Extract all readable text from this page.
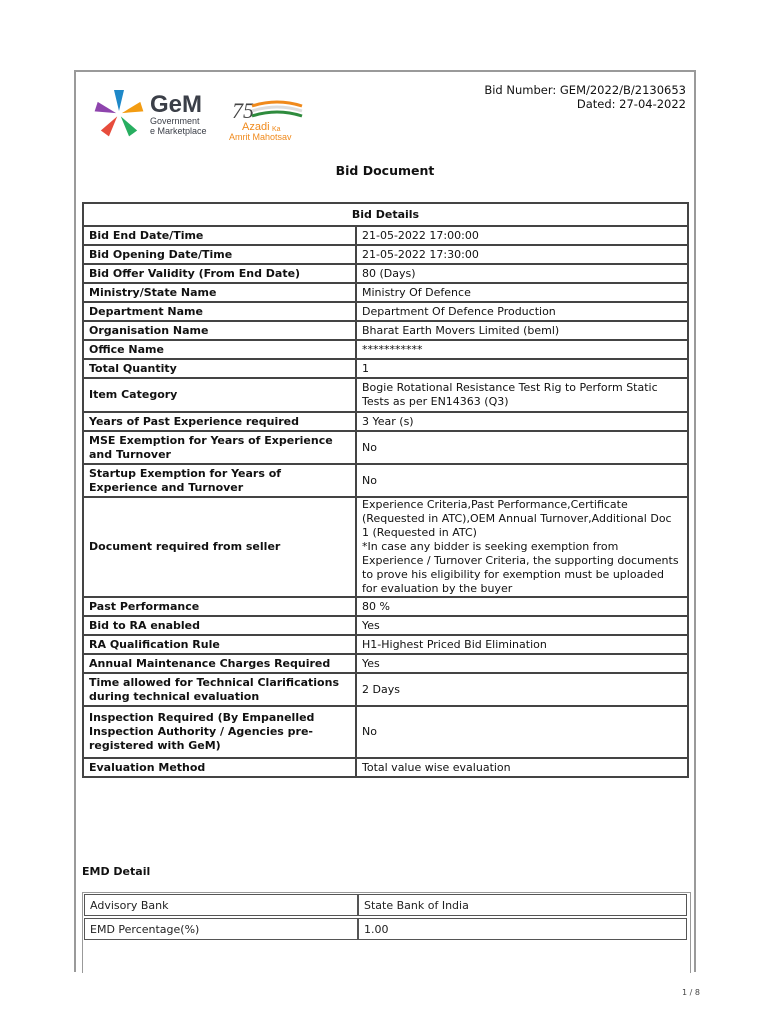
GeM
Government
e Marketplace
75
Azadi Ka
Amrit Mahotsav
Bid Number: GEM/2022/B/2130653
Dated: 27-04-2022
Bid Document
Bid Details	
Bid End Date/Time	21-05-2022 17:00:00
Bid Opening Date/Time	21-05-2022 17:30:00
Bid Offer Validity (From End Date)	80 (Days)
Ministry/State Name	Ministry Of Defence
Department Name	Department Of Defence Production
Organisation Name	Bharat Earth Movers Limited (beml)
Office Name	***********
Total Quantity	1
Item Category	Bogie Rotational Resistance Test Rig to Perform Static Tests as per EN14363 (Q3)
Years of Past Experience required	3 Year (s)
MSE Exemption for Years of Experience and Turnover	No
Startup Exemption for Years of Experience and Turnover	No
Document required from seller	Experience Criteria,Past Performance,Certificate (Requested in ATC),OEM Annual Turnover,Additional Doc 1 (Requested in ATC)
*In case any bidder is seeking exemption from Experience / Turnover Criteria, the supporting documents to prove his eligibility for exemption must be uploaded for evaluation by the buyer
Past Performance	80 %
Bid to RA enabled	Yes
RA Qualification Rule	H1-Highest Priced Bid Elimination
Annual Maintenance Charges Required	Yes
Time allowed for Technical Clarifications during technical evaluation	2 Days
Inspection Required (By Empanelled Inspection Authority / Agencies pre-registered with GeM)	No
Evaluation Method	Total value wise evaluation
EMD Detail
Advisory Bank	State Bank of India

EMD Percentage(%)	1.00
1 / 8
